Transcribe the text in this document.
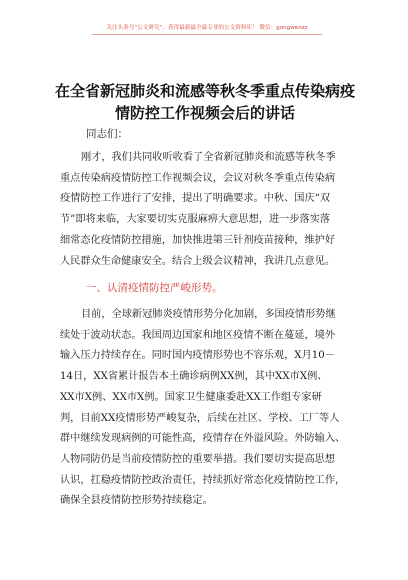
关注头条号“公文研究”，获得最新最全最专业的公文资料库！ 微信：gongwenzz
在全省新冠肺炎和流感等秋冬季重点传染病疫
情防控工作视频会后的讲话
同志们：
刚才，我们共同收听收看了全省新冠肺炎和流感等秋冬季
重点传染病疫情防控工作视频会议，会议对秋冬季重点传染病
疫情防控工作进行了安排，提出了明确要求。中秋、国庆“双
节”即将来临，大家要切实克服麻痹大意思想，进一步落实落
细常态化疫情防控措施，加快推进第三针剂疫苗接种，维护好
人民群众生命健康安全。结合上级会议精神，我讲几点意见。
一、认清疫情防控严峻形势。
目前，全球新冠肺炎疫情形势分化加剧，多国疫情形势继
续处于波动状态。我国周边国家和地区疫情不断在蔓延，境外
输入压力持续存在。同时国内疫情形势也不容乐观，X月10－
14日，XX省累计报告本土确诊病例XX例，其中XX市X例、
XX市X例、XX市X例。国家卫生健康委赴XX工作组专家研
判，目前XX疫情形势严峻复杂，后续在社区、学校、工厂等人
群中继续发现病例的可能性高，疫情存在外溢风险。外防输入、
人物同防仍是当前疫情防控的重要举措。我们要切实提高思想
认识，扛稳疫情防控政治责任，持续抓好常态化疫情防控工作，
确保全县疫情防控形势持续稳定。
